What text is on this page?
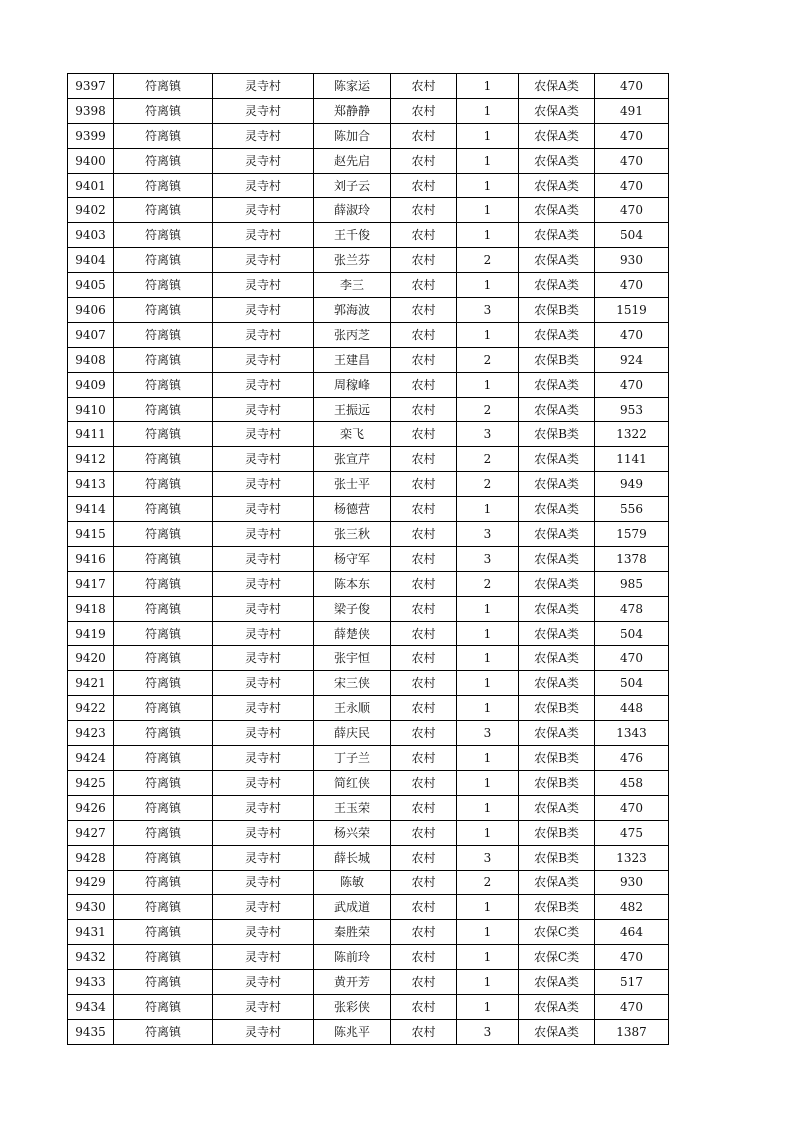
9397	符离镇	灵寺村	陈家运	农村	1	农保A类	470
9398	符离镇	灵寺村	郑静静	农村	1	农保A类	491
9399	符离镇	灵寺村	陈加合	农村	1	农保A类	470
9400	符离镇	灵寺村	赵先启	农村	1	农保A类	470
9401	符离镇	灵寺村	刘子云	农村	1	农保A类	470
9402	符离镇	灵寺村	薛淑玲	农村	1	农保A类	470
9403	符离镇	灵寺村	王千俊	农村	1	农保A类	504
9404	符离镇	灵寺村	张兰芬	农村	2	农保A类	930
9405	符离镇	灵寺村	李三	农村	1	农保A类	470
9406	符离镇	灵寺村	郭海波	农村	3	农保B类	1519
9407	符离镇	灵寺村	张丙芝	农村	1	农保A类	470
9408	符离镇	灵寺村	王建昌	农村	2	农保B类	924
9409	符离镇	灵寺村	周稼峰	农村	1	农保A类	470
9410	符离镇	灵寺村	王振远	农村	2	农保A类	953
9411	符离镇	灵寺村	栾飞	农村	3	农保B类	1322
9412	符离镇	灵寺村	张宣芹	农村	2	农保A类	1141
9413	符离镇	灵寺村	张士平	农村	2	农保A类	949
9414	符离镇	灵寺村	杨德营	农村	1	农保A类	556
9415	符离镇	灵寺村	张三秋	农村	3	农保A类	1579
9416	符离镇	灵寺村	杨守军	农村	3	农保A类	1378
9417	符离镇	灵寺村	陈本东	农村	2	农保A类	985
9418	符离镇	灵寺村	梁子俊	农村	1	农保A类	478
9419	符离镇	灵寺村	薛楚侠	农村	1	农保A类	504
9420	符离镇	灵寺村	张宇恒	农村	1	农保A类	470
9421	符离镇	灵寺村	宋三侠	农村	1	农保A类	504
9422	符离镇	灵寺村	王永顺	农村	1	农保B类	448
9423	符离镇	灵寺村	薛庆民	农村	3	农保A类	1343
9424	符离镇	灵寺村	丁子兰	农村	1	农保B类	476
9425	符离镇	灵寺村	简红侠	农村	1	农保B类	458
9426	符离镇	灵寺村	王玉荣	农村	1	农保A类	470
9427	符离镇	灵寺村	杨兴荣	农村	1	农保B类	475
9428	符离镇	灵寺村	薛长城	农村	3	农保B类	1323
9429	符离镇	灵寺村	陈敏	农村	2	农保A类	930
9430	符离镇	灵寺村	武成道	农村	1	农保B类	482
9431	符离镇	灵寺村	秦胜荣	农村	1	农保C类	464
9432	符离镇	灵寺村	陈前玲	农村	1	农保C类	470
9433	符离镇	灵寺村	黄开芳	农村	1	农保A类	517
9434	符离镇	灵寺村	张彩侠	农村	1	农保A类	470
9435	符离镇	灵寺村	陈兆平	农村	3	农保A类	1387
